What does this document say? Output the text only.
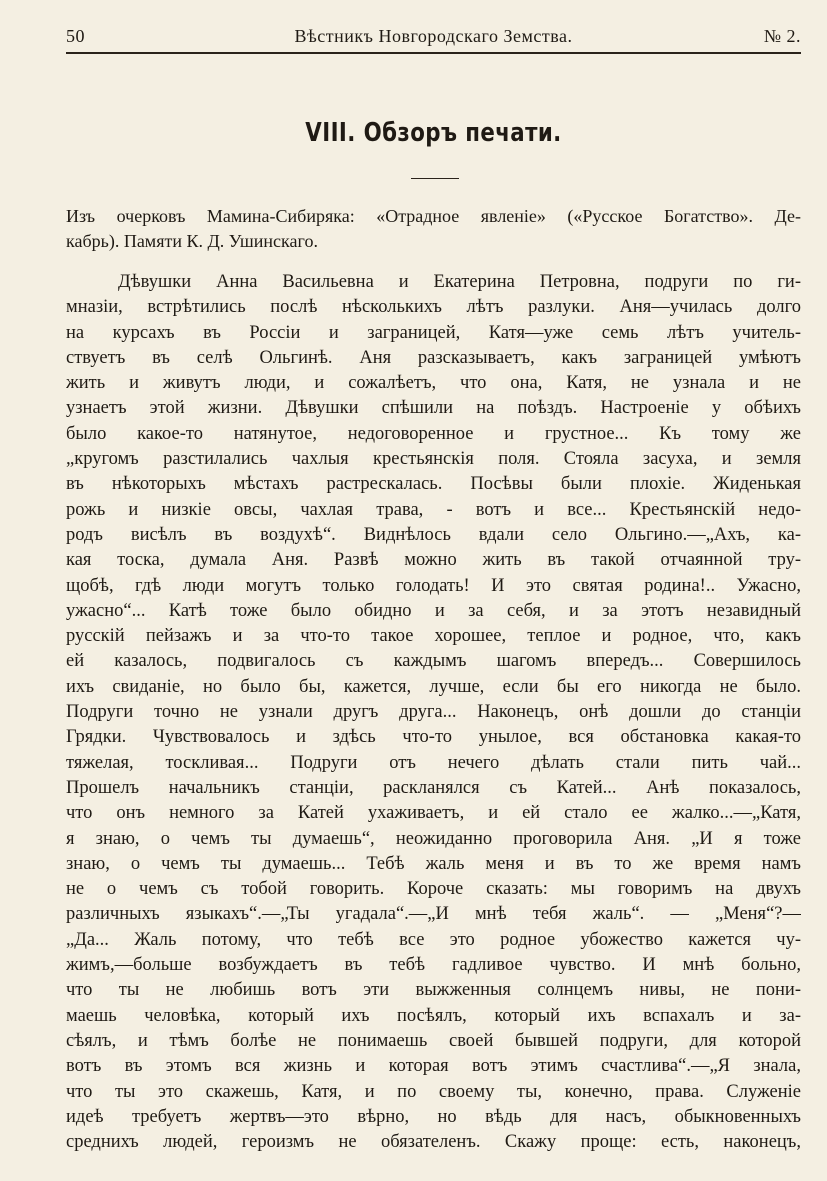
50	Вѣстникъ Новгородскаго Земства.	№ 2.
VIII. Обзоръ печати.
Изъ очерковъ Мамина-Сибиряка: «Отрадное явленіе» («Русское Богатство». Де-
кабрь). Памяти К. Д. Ушинскаго.
Дѣвушки Анна Васильевна и Екатерина Петровна, подруги по ги-
мназіи, встрѣтились послѣ нѣсколькихъ лѣтъ разлуки. Аня—училась долго
на курсахъ въ Россіи и заграницей, Катя—уже семь лѣтъ учитель-
ствуетъ въ селѣ Ольгинѣ. Аня разсказываетъ, какъ заграницей умѣютъ
жить и живутъ люди, и сожалѣетъ, что она, Катя, не узнала и не
узнаетъ этой жизни. Дѣвушки спѣшили на поѣздъ. Настроеніе у обѣихъ
было какое-то натянутое, недоговоренное и грустное... Къ тому же
„кругомъ разстилались чахлыя крестьянскія поля. Стояла засуха, и земля
въ нѣкоторыхъ мѣстахъ растрескалась. Посѣвы были плохіе. Жиденькая
рожь и низкіе овсы, чахлая трава, - вотъ и все... Крестьянскій недо-
родъ висѣлъ въ воздухѣ“. Виднѣлось вдали село Ольгино.—„Ахъ, ка-
кая тоска, думала Аня. Развѣ можно жить въ такой отчаянной тру-
щобѣ, гдѣ люди могутъ только голодать! И это святая родина!.. Ужасно,
ужасно“... Катѣ тоже было обидно и за себя, и за этотъ незавидный
русскій пейзажъ и за что-то такое хорошее, теплое и родное, что, какъ
ей казалось, подвигалось съ каждымъ шагомъ впередъ... Совершилось
ихъ свиданіе, но было бы, кажется, лучше, если бы его никогда не было.
Подруги точно не узнали другъ друга... Наконецъ, онѣ дошли до станціи
Грядки. Чувствовалось и здѣсь что-то унылое, вся обстановка какая-то
тяжелая, тоскливая... Подруги отъ нечего дѣлать стали пить чай...
Прошелъ начальникъ станціи, раскланялся съ Катей... Анѣ показалось,
что онъ немного за Катей ухаживаетъ, и ей стало ее жалко...—„Катя,
я знаю, о чемъ ты думаешь“, неожиданно проговорила Аня. „И я тоже
знаю, о чемъ ты думаешь... Тебѣ жаль меня и въ то же время намъ
не о чемъ съ тобой говорить. Короче сказать: мы говоримъ на двухъ
различныхъ языкахъ“.—„Ты угадала“.—„И мнѣ тебя жаль“. — „Меня“?—
„Да... Жаль потому, что тебѣ все это родное убожество кажется чу-
жимъ,—больше возбуждаетъ въ тебѣ гадливое чувство. И мнѣ больно,
что ты не любишь вотъ эти выжженныя солнцемъ нивы, не пони-
маешь человѣка, который ихъ посѣялъ, который ихъ вспахалъ и за-
сѣялъ, и тѣмъ болѣе не понимаешь своей бывшей подруги, для которой
вотъ въ этомъ вся жизнь и которая вотъ этимъ счастлива“.—„Я знала,
что ты это скажешь, Катя, и по своему ты, конечно, права. Служеніе
идеѣ требуетъ жертвъ—это вѣрно, но вѣдь для насъ, обыкновенныхъ
среднихъ людей, героизмъ не обязателенъ. Скажу проще: есть, наконецъ,
